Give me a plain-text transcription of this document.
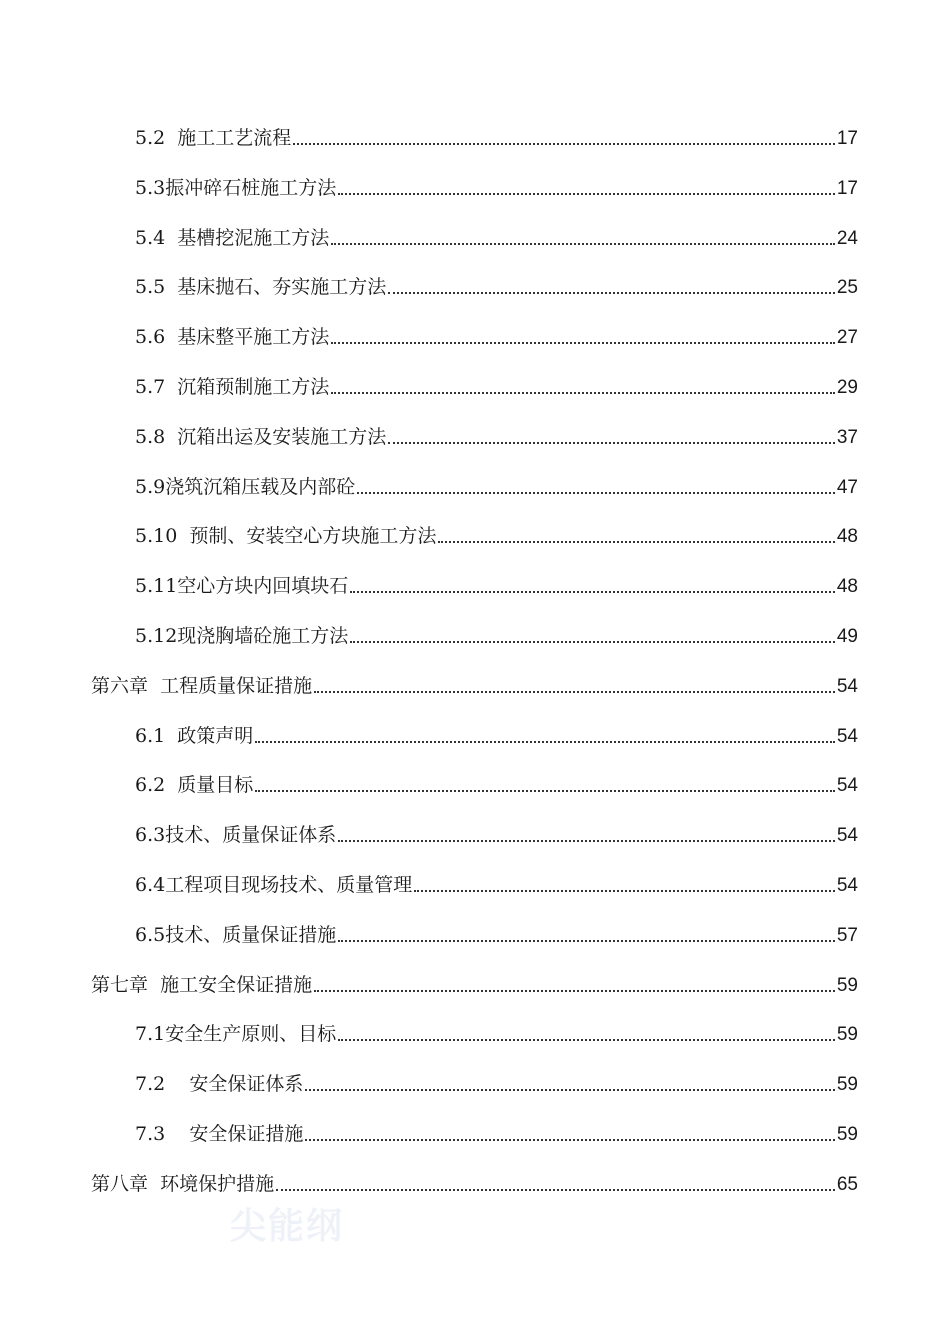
5.2  施工工艺流程	17
5.3振冲碎石桩施工方法	17
5.4  基槽挖泥施工方法	24
5.5  基床抛石、夯实施工方法	25
5.6  基床整平施工方法	27
5.7  沉箱预制施工方法	29
5.8  沉箱出运及安装施工方法	37
5.9浇筑沉箱压载及内部砼	47
5.10  预制、安装空心方块施工方法	48
5.11空心方块内回填块石	48
5.12现浇胸墙砼施工方法	49
第六章  工程质量保证措施	54
6.1  政策声明	54
6.2  质量目标	54
6.3技术、质量保证体系	54
6.4工程项目现场技术、质量管理	54
6.5技术、质量保证措施	57
第七章  施工安全保证措施	59
7.1安全生产原则、目标	59
7.2    安全保证体系	59
7.3    安全保证措施	59
第八章  环境保护措施	65
尖能纲
